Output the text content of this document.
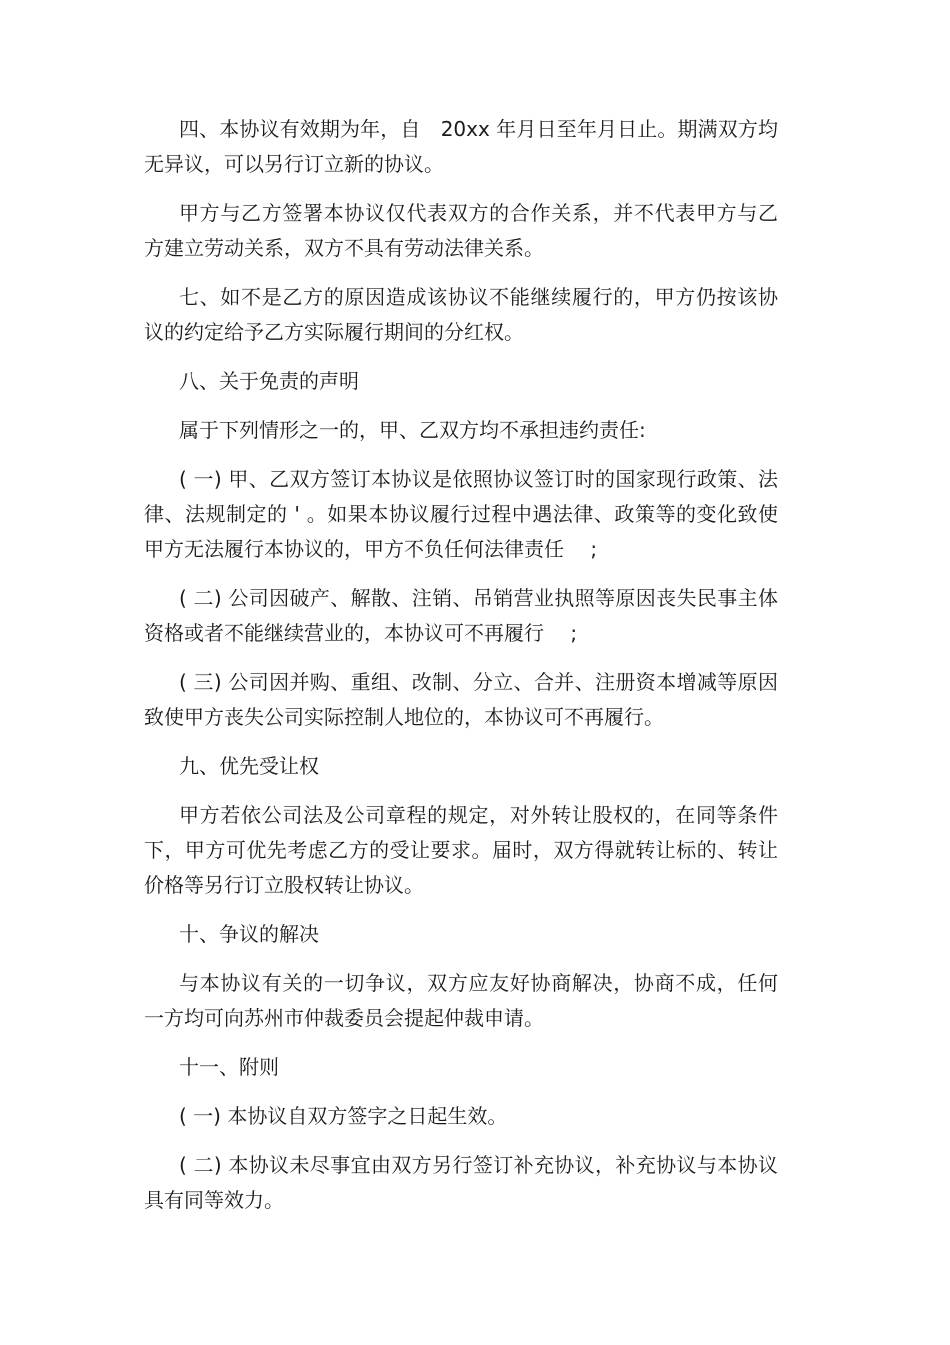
四、本协议有效期为年，自　20xx 年月日至年月日止。期满双方均无异议，可以另行订立新的协议。

甲方与乙方签署本协议仅代表双方的合作关系，并不代表甲方与乙方建立劳动关系，双方不具有劳动法律关系。

七、如不是乙方的原因造成该协议不能继续履行的，甲方仍按该协议的约定给予乙方实际履行期间的分红权。

八、关于免责的声明

属于下列情形之一的，甲、乙双方均不承担违约责任:

( 一) 甲、乙双方签订本协议是依照协议签订时的国家现行政策、法律、法规制定的 ' 。如果本协议履行过程中遇法律、政策等的变化致使甲方无法履行本协议的，甲方不负任何法律责任　 ;

( 二) 公司因破产、解散、注销、吊销营业执照等原因丧失民事主体资格或者不能继续营业的，本协议可不再履行　 ;

( 三) 公司因并购、重组、改制、分立、合并、注册资本增减等原因致使甲方丧失公司实际控制人地位的，本协议可不再履行。

九、优先受让权

甲方若依公司法及公司章程的规定，对外转让股权的，在同等条件下，甲方可优先考虑乙方的受让要求。届时，双方得就转让标的、转让价格等另行订立股权转让协议。

十、争议的解决

与本协议有关的一切争议，双方应友好协商解决，协商不成，任何一方均可向苏州市仲裁委员会提起仲裁申请。

十一、附则

( 一) 本协议自双方签字之日起生效。

( 二) 本协议未尽事宜由双方另行签订补充协议，补充协议与本协议具有同等效力。
